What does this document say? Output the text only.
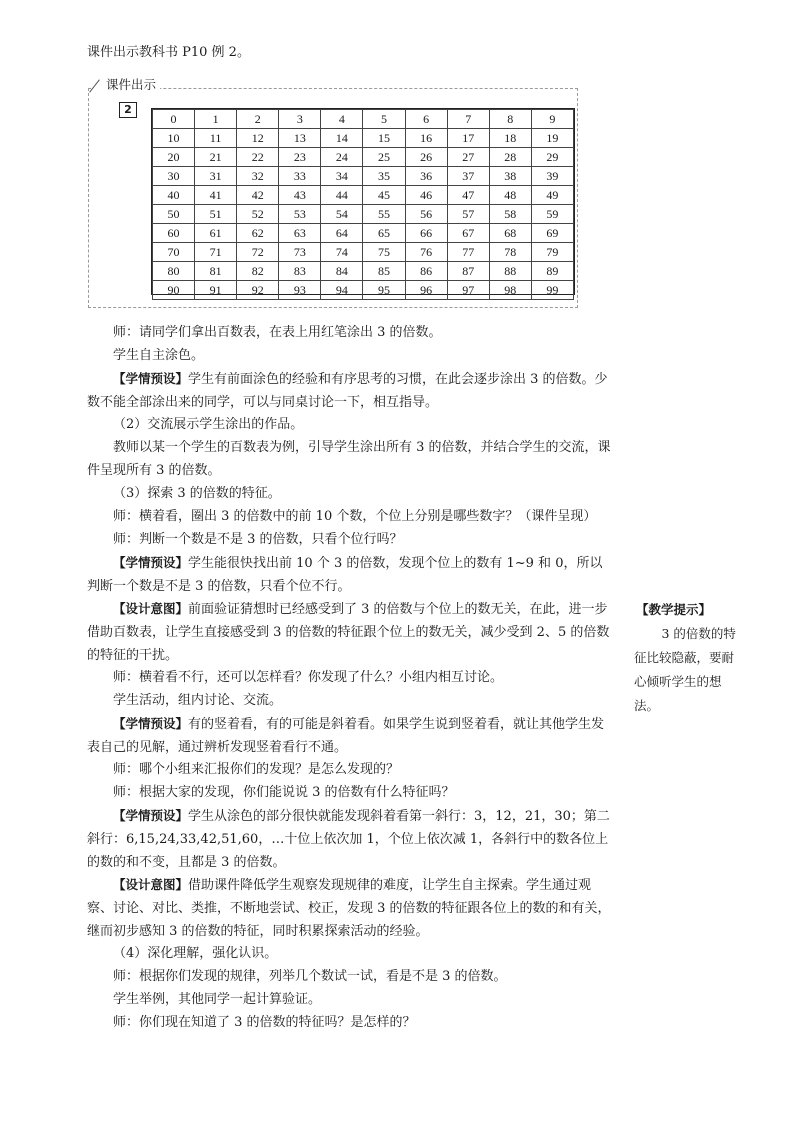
课件出示教科书 P10 例 2。

课件出示
2
0	1	2	3	4	5	6	7	8	9
10	11	12	13	14	15	16	17	18	19
20	21	22	23	24	25	26	27	28	29
30	31	32	33	34	35	36	37	38	39
40	41	42	43	44	45	46	47	48	49
50	51	52	53	54	55	56	57	58	59
60	61	62	63	64	65	66	67	68	69
70	71	72	73	74	75	76	77	78	79
80	81	82	83	84	85	86	87	88	89
90	91	92	93	94	95	96	97	98	99

师：请同学们拿出百数表，在表上用红笔涂出 3 的倍数。

学生自主涂色。

【学情预设】学生有前面涂色的经验和有序思考的习惯，在此会逐步涂出 3 的倍数。少数不能全部涂出来的同学，可以与同桌讨论一下，相互指导。

（2）交流展示学生涂出的作品。

教师以某一个学生的百数表为例，引导学生涂出所有 3 的倍数，并结合学生的交流，课件呈现所有 3 的倍数。

（3）探索 3 的倍数的特征。

师：横着看，圈出 3 的倍数中的前 10 个数，个位上分别是哪些数字？（课件呈现）

师：判断一个数是不是 3 的倍数，只看个位行吗？

【学情预设】学生能很快找出前 10 个 3 的倍数，发现个位上的数有 1~9 和 0，所以判断一个数是不是 3 的倍数，只看个位不行。

【设计意图】前面验证猜想时已经感受到了 3 的倍数与个位上的数无关，在此，进一步借助百数表，让学生直接感受到 3 的倍数的特征跟个位上的数无关，减少受到 2、5 的倍数的特征的干扰。

师：横着看不行，还可以怎样看？你发现了什么？小组内相互讨论。

学生活动，组内讨论、交流。

【学情预设】有的竖着看，有的可能是斜着看。如果学生说到竖着看，就让其他学生发表自己的见解，通过辨析发现竖着看行不通。

师：哪个小组来汇报你们的发现？是怎么发现的？

师：根据大家的发现，你们能说说 3 的倍数有什么特征吗？

【学情预设】学生从涂色的部分很快就能发现斜着看第一斜行：3，12，21，30；第二斜行：6,15,24,33,42,51,60，…十位上依次加 1，个位上依次减 1，各斜行中的数各位上的数的和不变，且都是 3 的倍数。

【设计意图】借助课件降低学生观察发现规律的难度，让学生自主探索。学生通过观察、讨论、对比、类推，不断地尝试、校正，发现 3 的倍数的特征跟各位上的数的和有关，继而初步感知 3 的倍数的特征，同时积累探索活动的经验。

（4）深化理解，强化认识。

师：根据你们发现的规律，列举几个数试一试，看是不是 3 的倍数。

学生举例，其他同学一起计算验证。

师：你们现在知道了 3 的倍数的特征吗？是怎样的？

【教学提示】
3 的倍数的特征比较隐蔽，要耐心倾听学生的想法。
